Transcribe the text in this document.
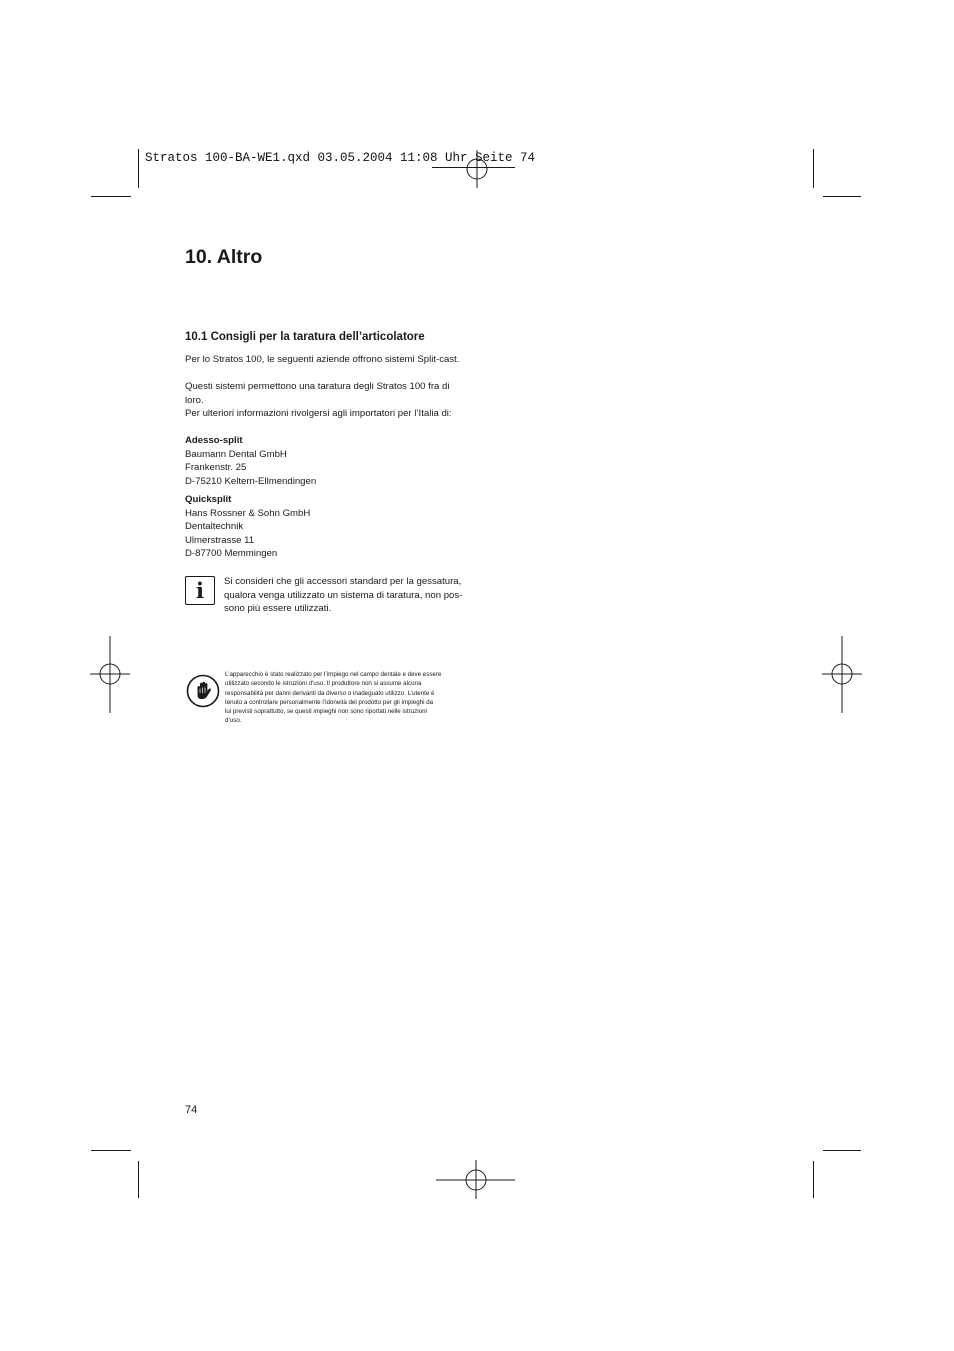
Stratos 100-BA-WE1.qxd 03.05.2004 11:08 Uhr Seite 74
10. Altro
10.1 Consigli per la taratura dell’articolatore
Per lo Stratos 100, le seguenti aziende offrono sistemi Split-cast.
Questi sistemi permettono una taratura degli Stratos 100 fra di
loro.
Per ulteriori informazioni rivolgersi agli importatori per l’Italia di:
Adesso-split
Baumann Dental GmbH
Frankenstr. 25
D-75210 Keltern-Ellmendingen
Quicksplit
Hans Rossner & Sohn GmbH
Dentaltechnik
Ulmerstrasse 11
D-87700 Memmingen
i Si consideri che gli accessori standard per la gessatura,
qualora venga utilizzato un sistema di taratura, non pos-
sono più essere utilizzati.
L’apparecchio è stato realizzato per l’impiego nel campo dentale e deve essere
utilizzato secondo le istruzioni d’uso. Il produttore non si assume alcuna
responsabilità per danni derivanti da diverso o inadeguato utilizzo. L’utente è
tenuto a controllare personalmente l’idoneità del prodotto per gli impieghi da
lui previsti soprattutto, se questi impieghi non sono riportati nelle istruzioni
d’uso.
74
